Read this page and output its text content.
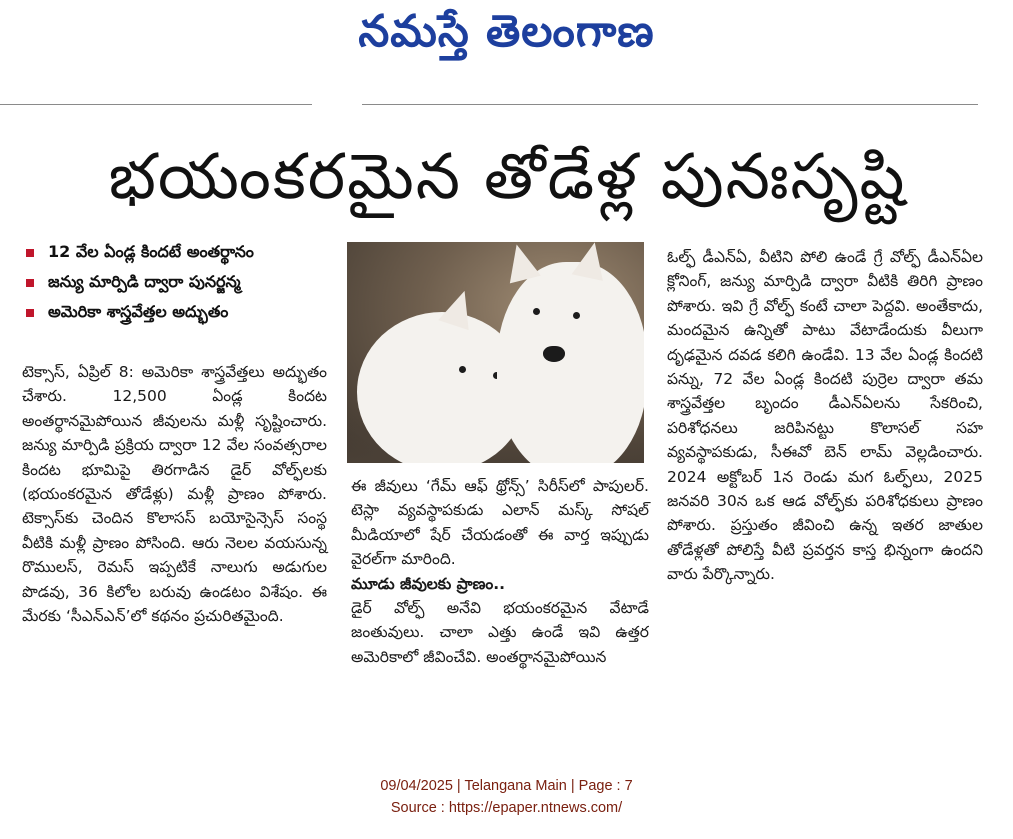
నమస్తే తెలంగాణ
భయంకరమైన తోడేళ్ల పునఃసృష్టి
12 వేల ఏండ్ల కిందటే అంతర్థానం
జన్యు మార్పిడి ద్వారా పునర్జన్మ
అమెరికా శాస్త్రవేత్తల అద్భుతం

టెక్సాస్, ఏప్రిల్ 8: అమెరికా శాస్త్రవేత్తలు అద్భుతం చేశారు. 12,500 ఏండ్ల కిందట అంతర్థానమైపోయిన జీవులను మళ్లీ సృష్టించారు. జన్యు మార్పిడి ప్రక్రియ ద్వారా 12 వేల సంవత్సరాల కిందట భూమిపై తిరగాడిన డైర్ వోల్ఫ్‌లకు (భయంకరమైన తోడేళ్లు) మళ్లీ ప్రాణం పోశారు. టెక్సాస్‌కు చెందిన కొలాసస్ బయోసైన్సెస్ సంస్థ వీటికి మళ్లీ ప్రాణం పోసింది. ఆరు నెలల వయసున్న రొములస్, రెమస్ ఇప్పటికే నాలుగు అడుగుల పొడవు, 36 కిలోల బరువు ఉండటం విశేషం. ఈ మేరకు ‘సీఎన్‌ఎన్’లో కథనం ప్రచురితమైంది.

ఈ జీవులు ‘గేమ్ ఆఫ్ థ్రోన్స్’ సిరీస్‌లో పాపులర్. టెస్లా వ్యవస్థాపకుడు ఎలాన్ మస్క్ సోషల్ మీడియాలో షేర్ చేయడంతో ఈ వార్త ఇప్పుడు వైరల్‌గా మారింది.
మూడు జీవులకు ప్రాణం..
డైర్ వోల్ఫ్ అనేవి భయంకరమైన వేటాడే జంతువులు. చాలా ఎత్తు ఉండే ఇవి ఉత్తర అమెరికాలో జీవించేవి. అంతర్థానమైపోయిన

ఓల్ఫ్ డీఎన్‌ఏ, వీటిని పోలి ఉండే గ్రే వోల్ఫ్ డీఎన్‌ఏల క్లోనింగ్, జన్యు మార్పిడి ద్వారా వీటికి తిరిగి ప్రాణం పోశారు. ఇవి గ్రే వోల్ఫ్ కంటే చాలా పెద్దవి. అంతేకాదు, మందమైన ఉన్నితో పాటు వేటాడేందుకు వీలుగా దృఢమైన దవడ కలిగి ఉండేవి. 13 వేల ఏండ్ల కిందటి పన్ను, 72 వేల ఏండ్ల కిందటి పుర్రెల ద్వారా తమ శాస్త్రవేత్తల బృందం డీఎన్‌ఏలను సేకరించి, పరిశోధనలు జరిపినట్టు కొలాసల్ సహ వ్యవస్థాపకుడు, సీఈవో బెన్ లామ్ వెల్లడించారు. 2024 అక్టోబర్ 1న రెండు మగ ఓల్ఫ్‌లు, 2025 జనవరి 30న ఒక ఆడ వోల్ఫ్‌కు పరిశోధకులు ప్రాణం పోశారు. ప్రస్తుతం జీవించి ఉన్న ఇతర జాతుల తోడేళ్లతో పోలిస్తే వీటి ప్రవర్తన కాస్త భిన్నంగా ఉందని వారు పేర్కొన్నారు.

09/04/2025 | Telangana Main | Page : 7
Source : https://epaper.ntnews.com/
